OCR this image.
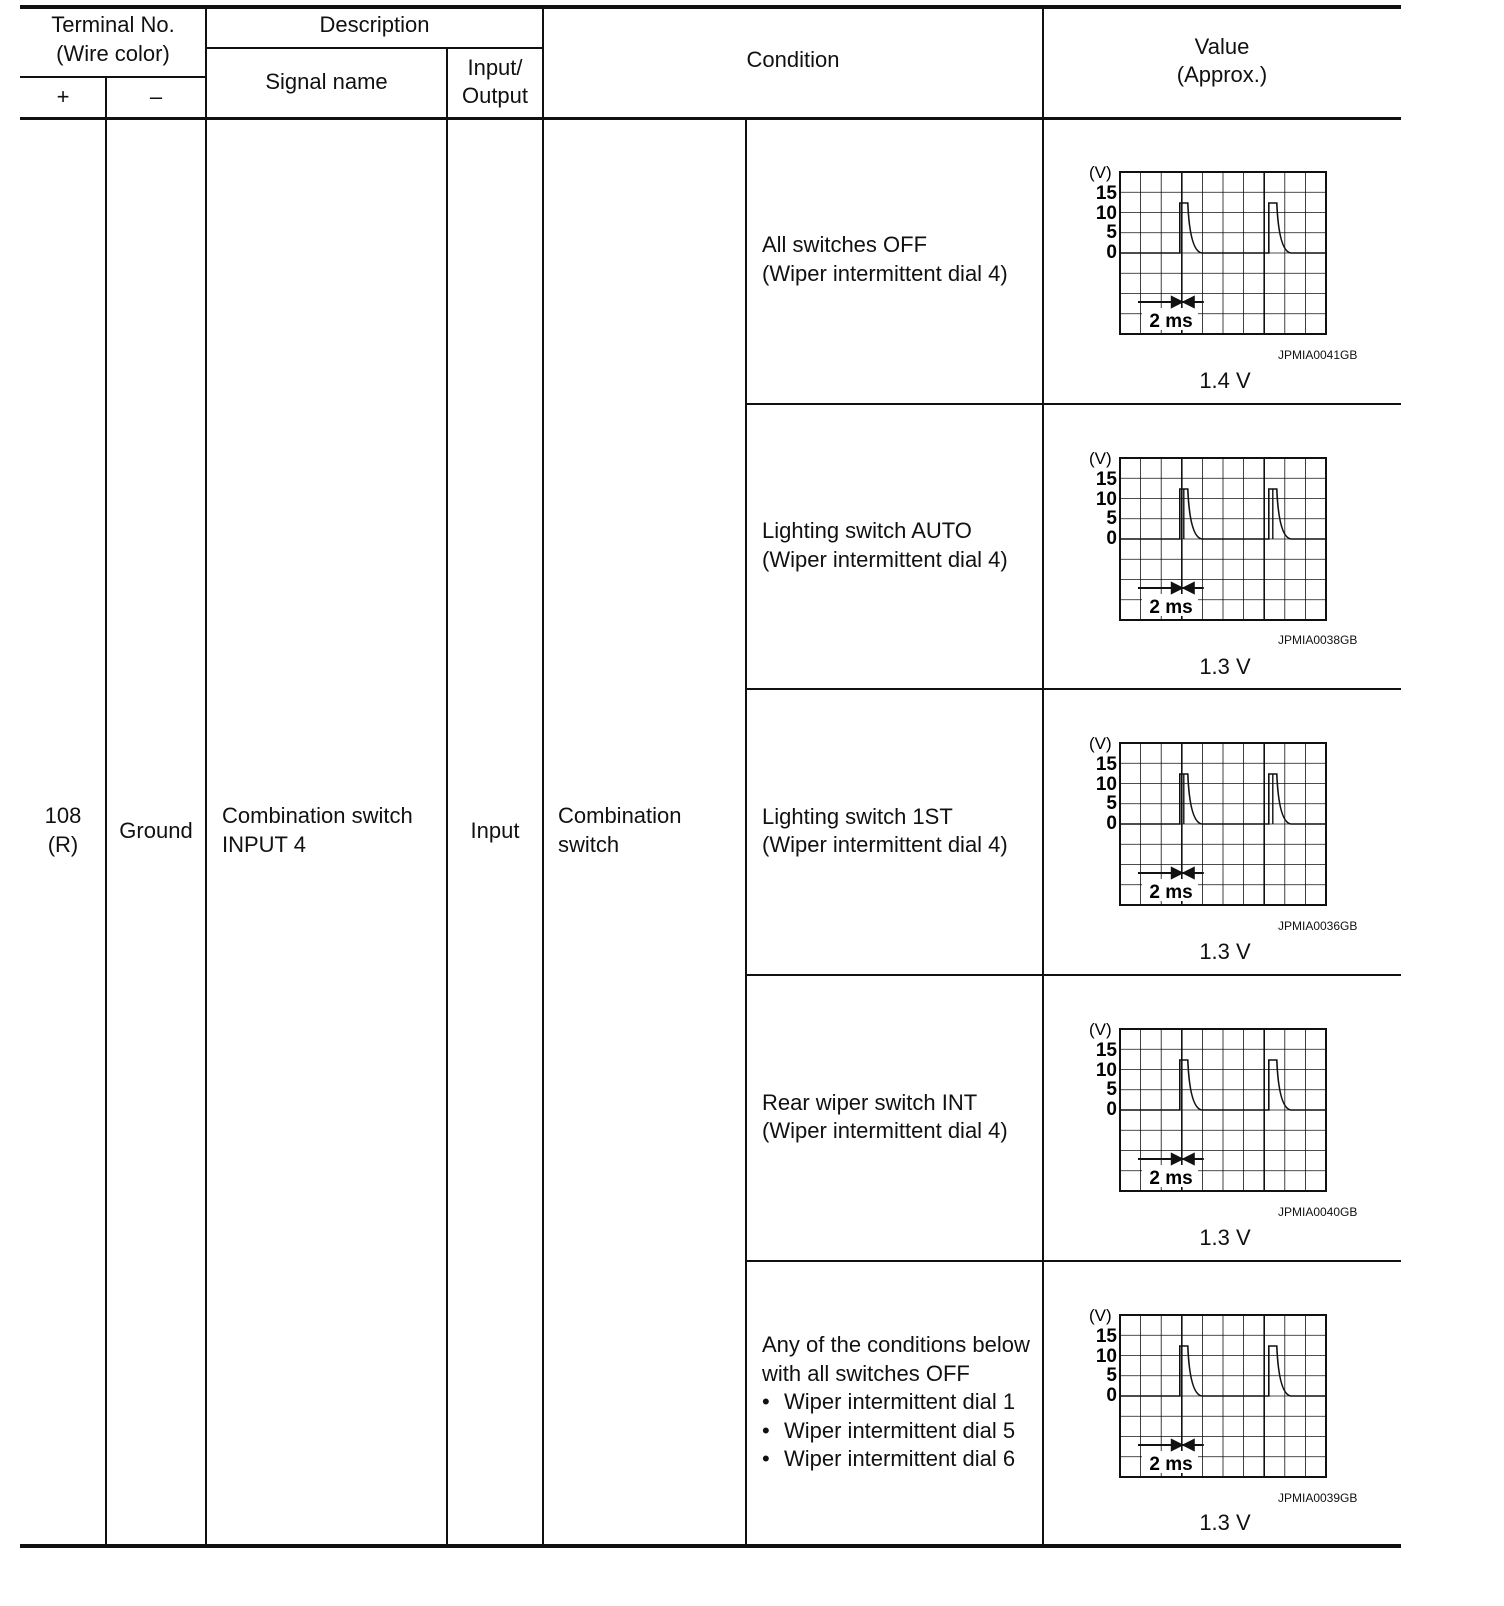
Terminal No.
(Wire color)
+	–
Description
Signal name
Input/
Output
Condition
Value
(Approx.)
108
(R)
Ground
Combination switch
INPUT 4
Input
Combination
switch
All switches OFF
(Wiper intermittent dial 4)
Lighting switch AUTO
(Wiper intermittent dial 4)
Lighting switch 1ST
(Wiper intermittent dial 4)
Rear wiper switch INT
(Wiper intermittent dial 4)
Any of the conditions below
with all switches OFF
• Wiper intermittent dial 1
• Wiper intermittent dial 5
• Wiper intermittent dial 6
JPMIA0041GB
1.4 V
JPMIA0038GB
1.3 V
JPMIA0036GB
1.3 V
JPMIA0040GB
1.3 V
JPMIA0039GB
1.3 V
(V)
15
10
5
0
2 ms
(V)
15
10
5
0
2 ms
(V)
15
10
5
0
2 ms
(V)
15
10
5
0
2 ms
(V)
15
10
5
0
2 ms
